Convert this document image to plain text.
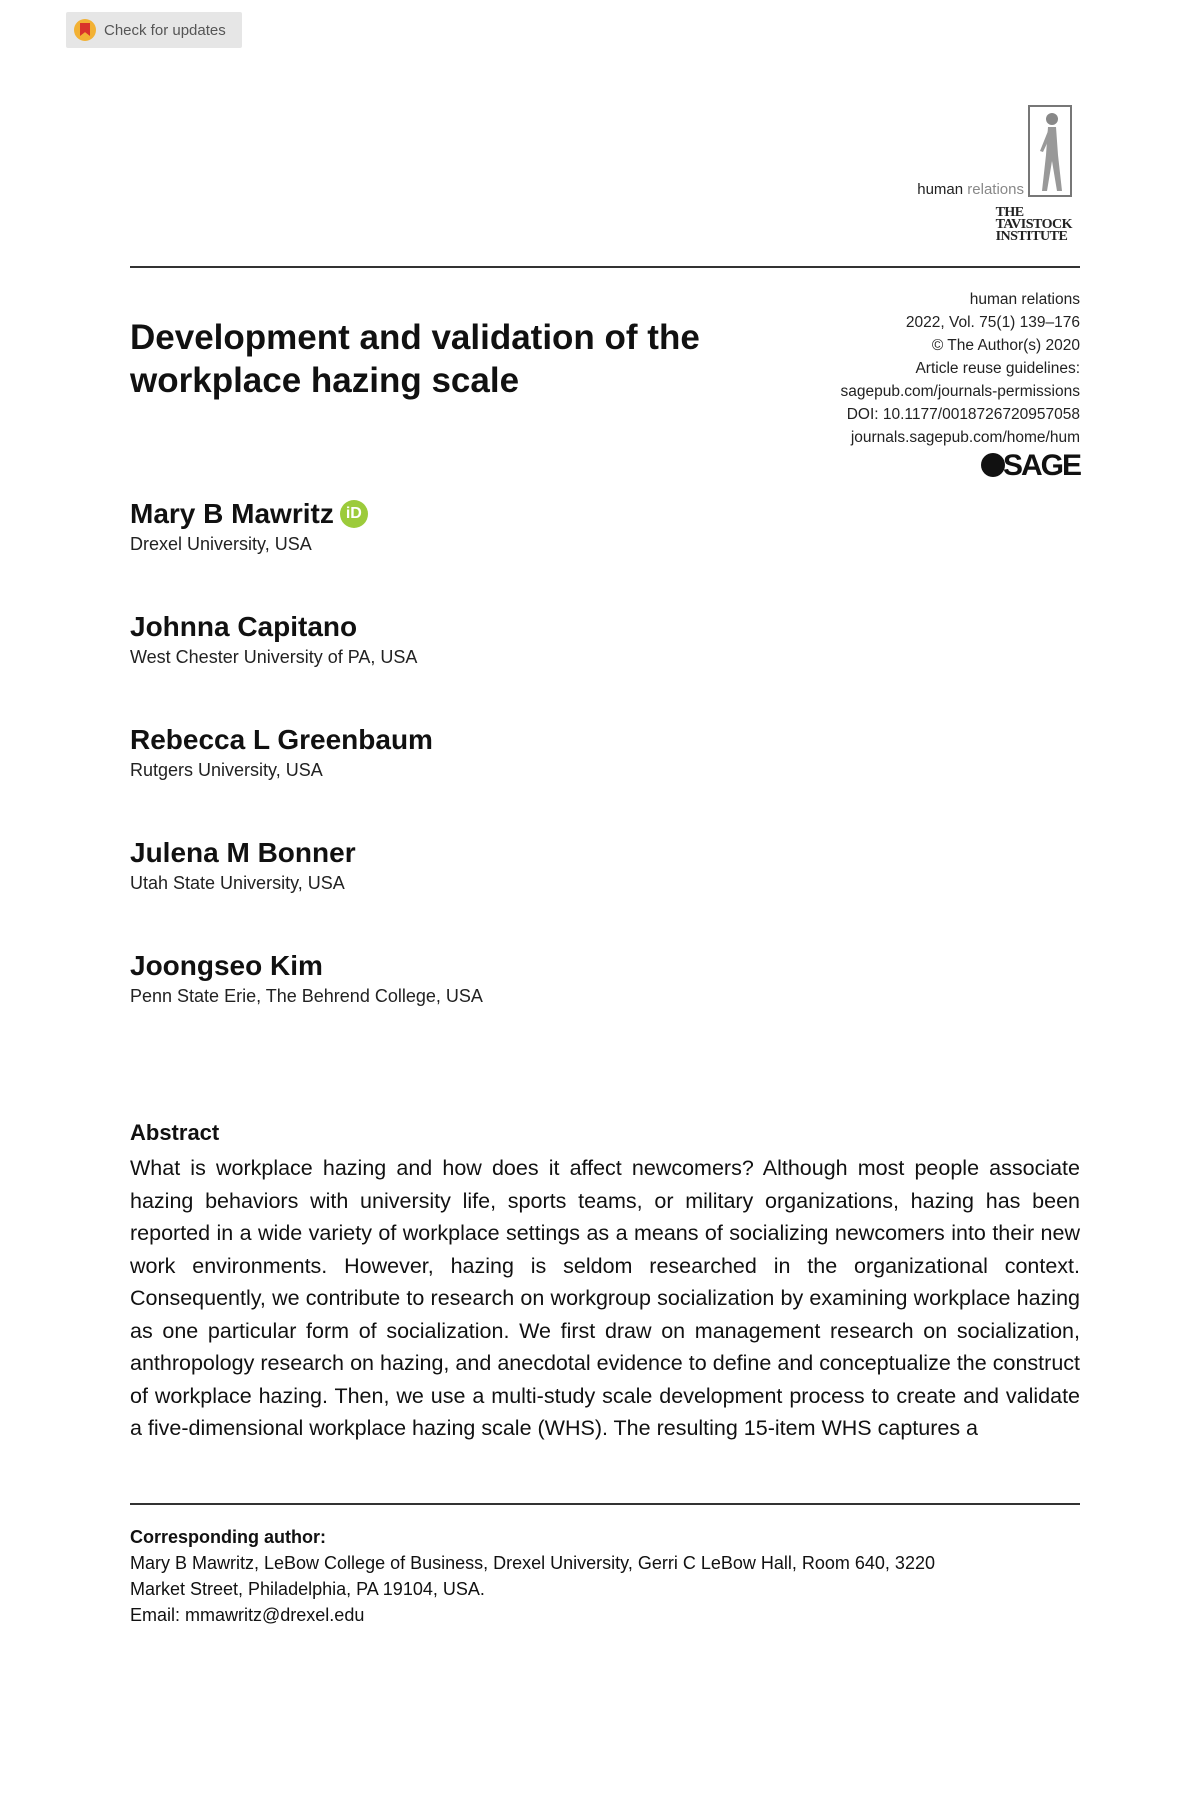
Check for updates
human relations
THE
TAVISTOCK
INSTITUTE
Development and validation of the workplace hazing scale
human relations
2022, Vol. 75(1) 139–176
© The Author(s) 2020
Article reuse guidelines:
sagepub.com/journals-permissions
DOI: 10.1177/0018726720957058
journals.sagepub.com/home/hum
SAGE
Mary B Mawritz iD
Drexel University, USA
Johnna Capitano
West Chester University of PA, USA
Rebecca L Greenbaum
Rutgers University, USA
Julena M Bonner
Utah State University, USA
Joongseo Kim
Penn State Erie, The Behrend College, USA
Abstract

What is workplace hazing and how does it affect newcomers? Although most people associate hazing behaviors with university life, sports teams, or military organizations, hazing has been reported in a wide variety of workplace settings as a means of socializing newcomers into their new work environments. However, hazing is seldom researched in the organizational context. Consequently, we contribute to research on workgroup socialization by examining workplace hazing as one particular form of socialization. We first draw on management research on socialization, anthropology research on hazing, and anecdotal evidence to define and conceptualize the construct of workplace hazing. Then, we use a multi-study scale development process to create and validate a five-dimensional workplace hazing scale (WHS). The resulting 15-item WHS captures a

Corresponding author:
Mary B Mawritz, LeBow College of Business, Drexel University, Gerri C LeBow Hall, Room 640, 3220
Market Street, Philadelphia, PA 19104, USA.
Email: mmawritz@drexel.edu
